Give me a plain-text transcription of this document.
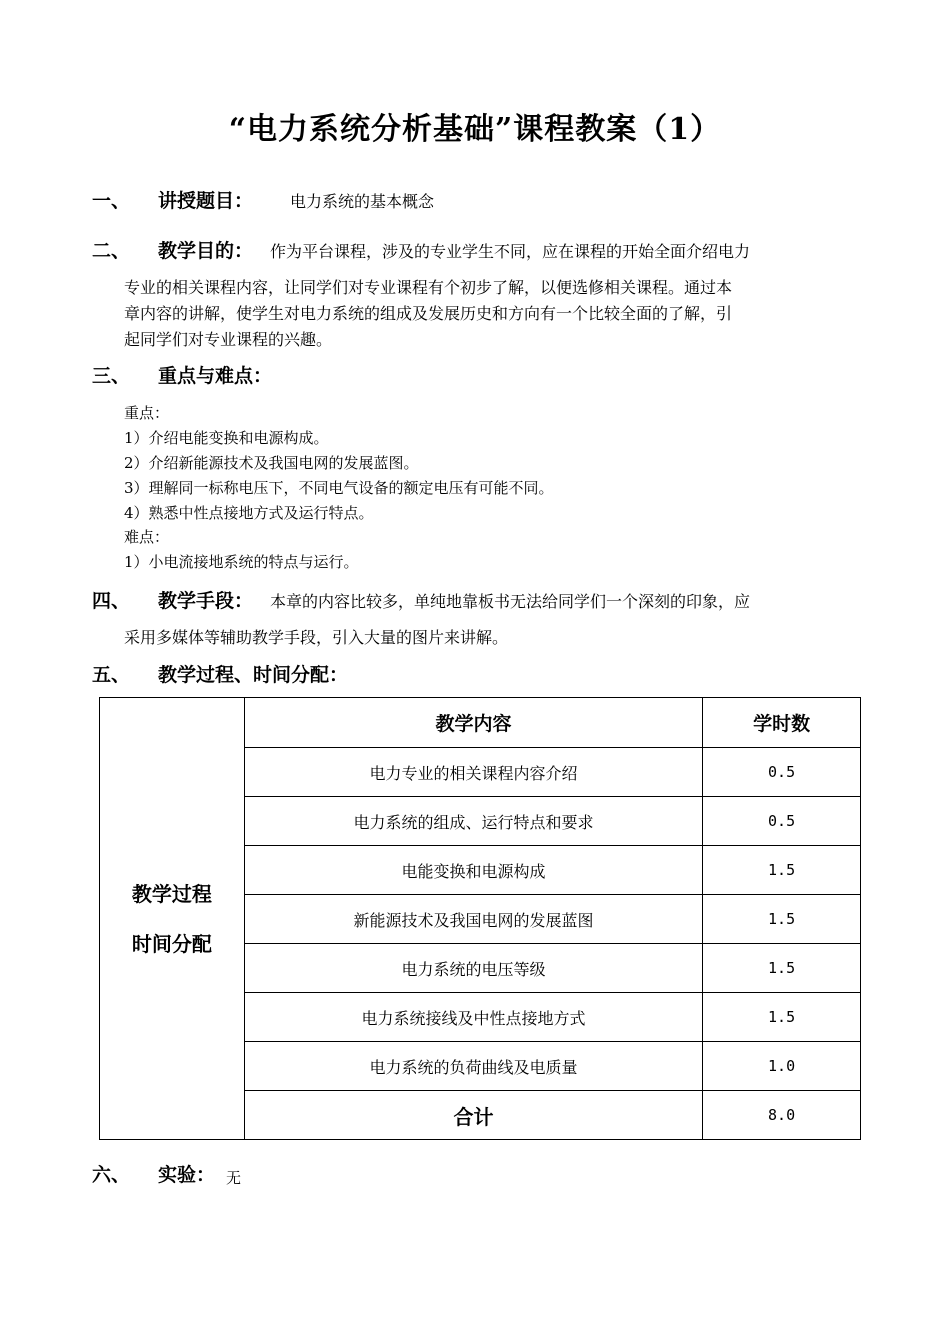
“电力系统分析基础”课程教案（1）
一、 讲授题目： 电力系统的基本概念
二、 教学目的： 作为平台课程，涉及的专业学生不同，应在课程的开始全面介绍电力
专业的相关课程内容，让同学们对专业课程有个初步了解，以便选修相关课程。通过本
章内容的讲解，使学生对电力系统的组成及发展历史和方向有一个比较全面的了解，引
起同学们对专业课程的兴趣。
三、 重点与难点：
重点：
1）介绍电能变换和电源构成。
2）介绍新能源技术及我国电网的发展蓝图。
3）理解同一标称电压下，不同电气设备的额定电压有可能不同。
4）熟悉中性点接地方式及运行特点。
难点：
1）小电流接地系统的特点与运行。
四、 教学手段： 本章的内容比较多，单纯地靠板书无法给同学们一个深刻的印象，应
采用多媒体等辅助教学手段，引入大量的图片来讲解。
五、 教学过程、时间分配：
教学过程
时间分配	教学内容	学时数
	电力专业的相关课程内容介绍	0.5
	电力系统的组成、运行特点和要求	0.5
	电能变换和电源构成	1.5
	新能源技术及我国电网的发展蓝图	1.5
	电力系统的电压等级	1.5
	电力系统接线及中性点接地方式	1.5
	电力系统的负荷曲线及电质量	1.0
	合计	8.0
六、 实验： 无
